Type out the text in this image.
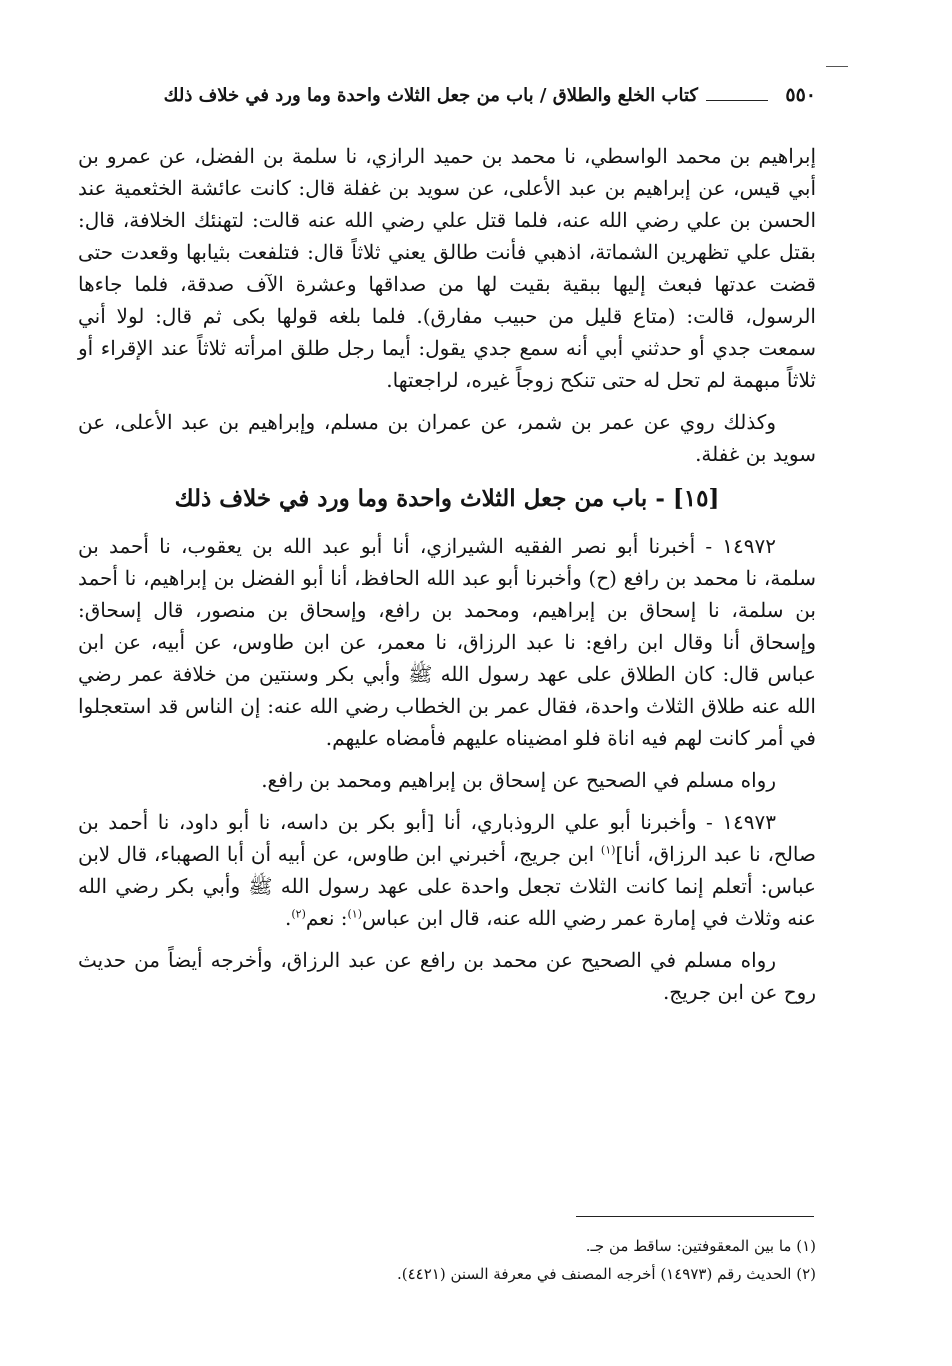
٥٥٠
كتاب الخلع والطلاق / باب من جعل الثلاث واحدة وما ورد في خلاف ذلك

إبراهيم بن محمد الواسطي، نا محمد بن حميد الرازي، نا سلمة بن الفضل، عن عمرو بن أبي قيس، عن إبراهيم بن عبد الأعلى، عن سويد بن غفلة قال: كانت عائشة الخثعمية عند الحسن بن علي رضي الله عنه، فلما قتل علي رضي الله عنه قالت: لتهنئك الخلافة، قال: بقتل علي تظهرين الشماتة، اذهبي فأنت طالق يعني ثلاثاً قال: فتلفعت بثيابها وقعدت حتى قضت عدتها فبعث إليها ببقية بقيت لها من صداقها وعشرة الآف صدقة، فلما جاءها الرسول، قالت: (متاع قليل من حبيب مفارق). فلما بلغه قولها بكى ثم قال: لولا أني سمعت جدي أو حدثني أبي أنه سمع جدي يقول: أيما رجل طلق امرأته ثلاثاً عند الإقراء أو ثلاثاً مبهمة لم تحل له حتى تنكح زوجاً غيره، لراجعتها.

وكذلك روي عن عمر بن شمر، عن عمران بن مسلم، وإبراهيم بن عبد الأعلى، عن سويد بن غفلة.

[١٥] - باب من جعل الثلاث واحدة وما ورد في خلاف ذلك

١٤٩٧٢ - أخبرنا أبو نصر الفقيه الشيرازي، أنا أبو عبد الله بن يعقوب، نا أحمد بن سلمة، نا محمد بن رافع (ح) وأخبرنا أبو عبد الله الحافظ، أنا أبو الفضل بن إبراهيم، نا أحمد بن سلمة، نا إسحاق بن إبراهيم، ومحمد بن رافع، وإسحاق بن منصور، قال إسحاق: وإسحاق أنا وقال ابن رافع: نا عبد الرزاق، نا معمر، عن ابن طاوس، عن أبيه، عن ابن عباس قال: كان الطلاق على عهد رسول الله ﷺ وأبي بكر وسنتين من خلافة عمر رضي الله عنه طلاق الثلاث واحدة، فقال عمر بن الخطاب رضي الله عنه: إن الناس قد استعجلوا في أمر كانت لهم فيه اناة فلو امضيناه عليهم فأمضاه عليهم.

رواه مسلم في الصحيح عن إسحاق بن إبراهيم ومحمد بن رافع.

١٤٩٧٣ - وأخبرنا أبو علي الروذباري، أنا [أبو بكر بن داسه، نا أبو داود، نا أحمد بن صالح، نا عبد الرزاق، أنا]$^{(١)}$ ابن جريج، أخبرني ابن طاوس، عن أبيه أن أبا الصهباء، قال لابن عباس: أتعلم إنما كانت الثلاث تجعل واحدة على عهد رسول الله ﷺ وأبي بكر رضي الله عنه وثلاث في إمارة عمر رضي الله عنه، قال ابن عباس$^{(١)}$: نعم$^{(٢)}$.

رواه مسلم في الصحيح عن محمد بن رافع عن عبد الرزاق، وأخرجه أيضاً من حديث روح عن ابن جريج.

(١) ما بين المعقوفتين: ساقط من جـ.
(٢) الحديث رقم (١٤٩٧٣) أخرجه المصنف في معرفة السنن (٤٤٢١).
